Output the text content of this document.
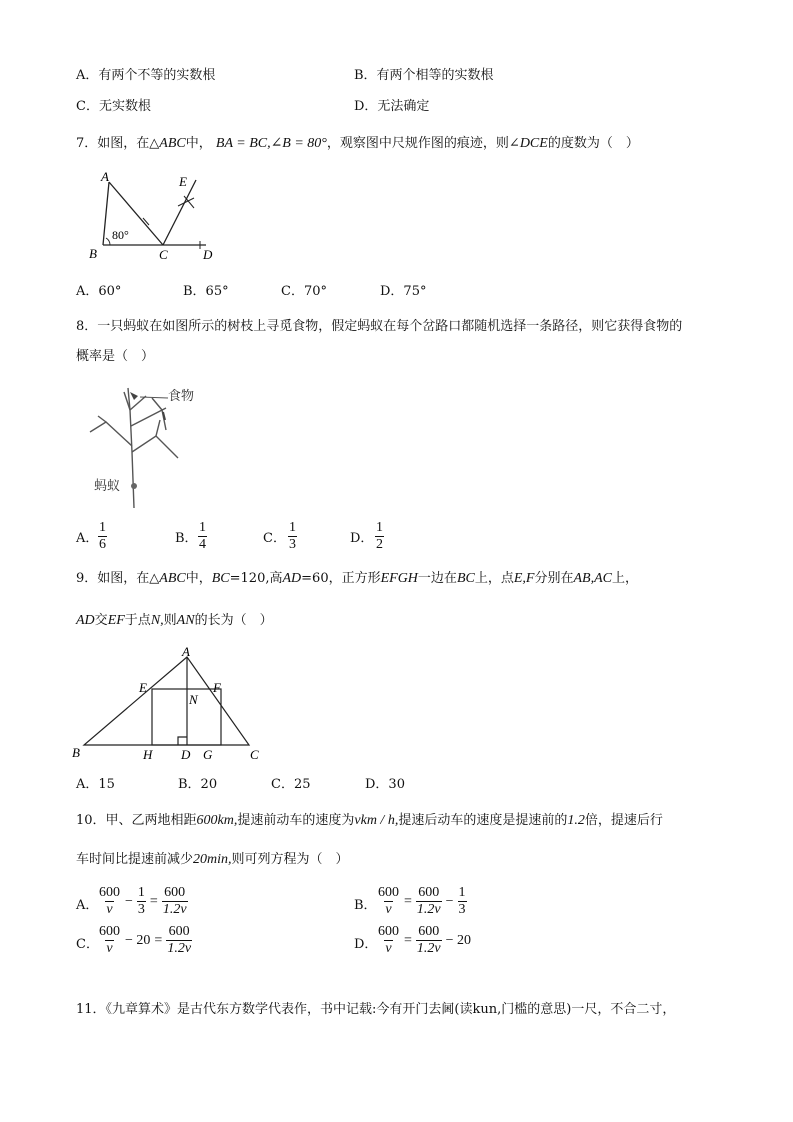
A．有两个不等的实数根	B．有两个相等的实数根
C．无实数根	D．无法确定
7．如图，在△ABC中， BA = BC,∠B = 80°，观察图中尺规作图的痕迹，则∠DCE的度数为（　）
A
B	C	D
E
80°
A．60°	B．65°	C．70°	D．75°
8．一只蚂蚁在如图所示的树枝上寻觅食物，假定蚂蚁在每个岔路口都随机选择一条路径，则它获得食物的
概率是（　）
食物
蚂蚁
A． $\frac{1}{6}$	B． $\frac{1}{4}$	C． $\frac{1}{3}$	D． $\frac{1}{2}$
9．如图，在△ABC中，BC=120,高AD=60，正方形EFGH一边在BC上，点E,F分别在AB,AC上，
AD交EF于点N,则AN的长为（　）
A
B	C
D
E	F
G
H
N
A．15	B．20	C．25	D．30
10．甲、乙两地相距600km,提速前动车的速度为vkm / h,提速后动车的速度是提速前的1.2倍，提速后行
车时间比提速前减少20min,则可列方程为（　）
A． $\frac{600}{v} - \frac{1}{3} = \frac{600}{1.2v}$	B． $\frac{600}{v} = \frac{600}{1.2v} - \frac{1}{3}$
C． $\frac{600}{v} - 20 = \frac{600}{1.2v}$	D． $\frac{600}{v} = \frac{600}{1.2v} - 20$
11．《九章算术》是古代东方数学代表作，书中记载:今有开门去阃(读kun,门槛的意思)一尺，不合二寸，
